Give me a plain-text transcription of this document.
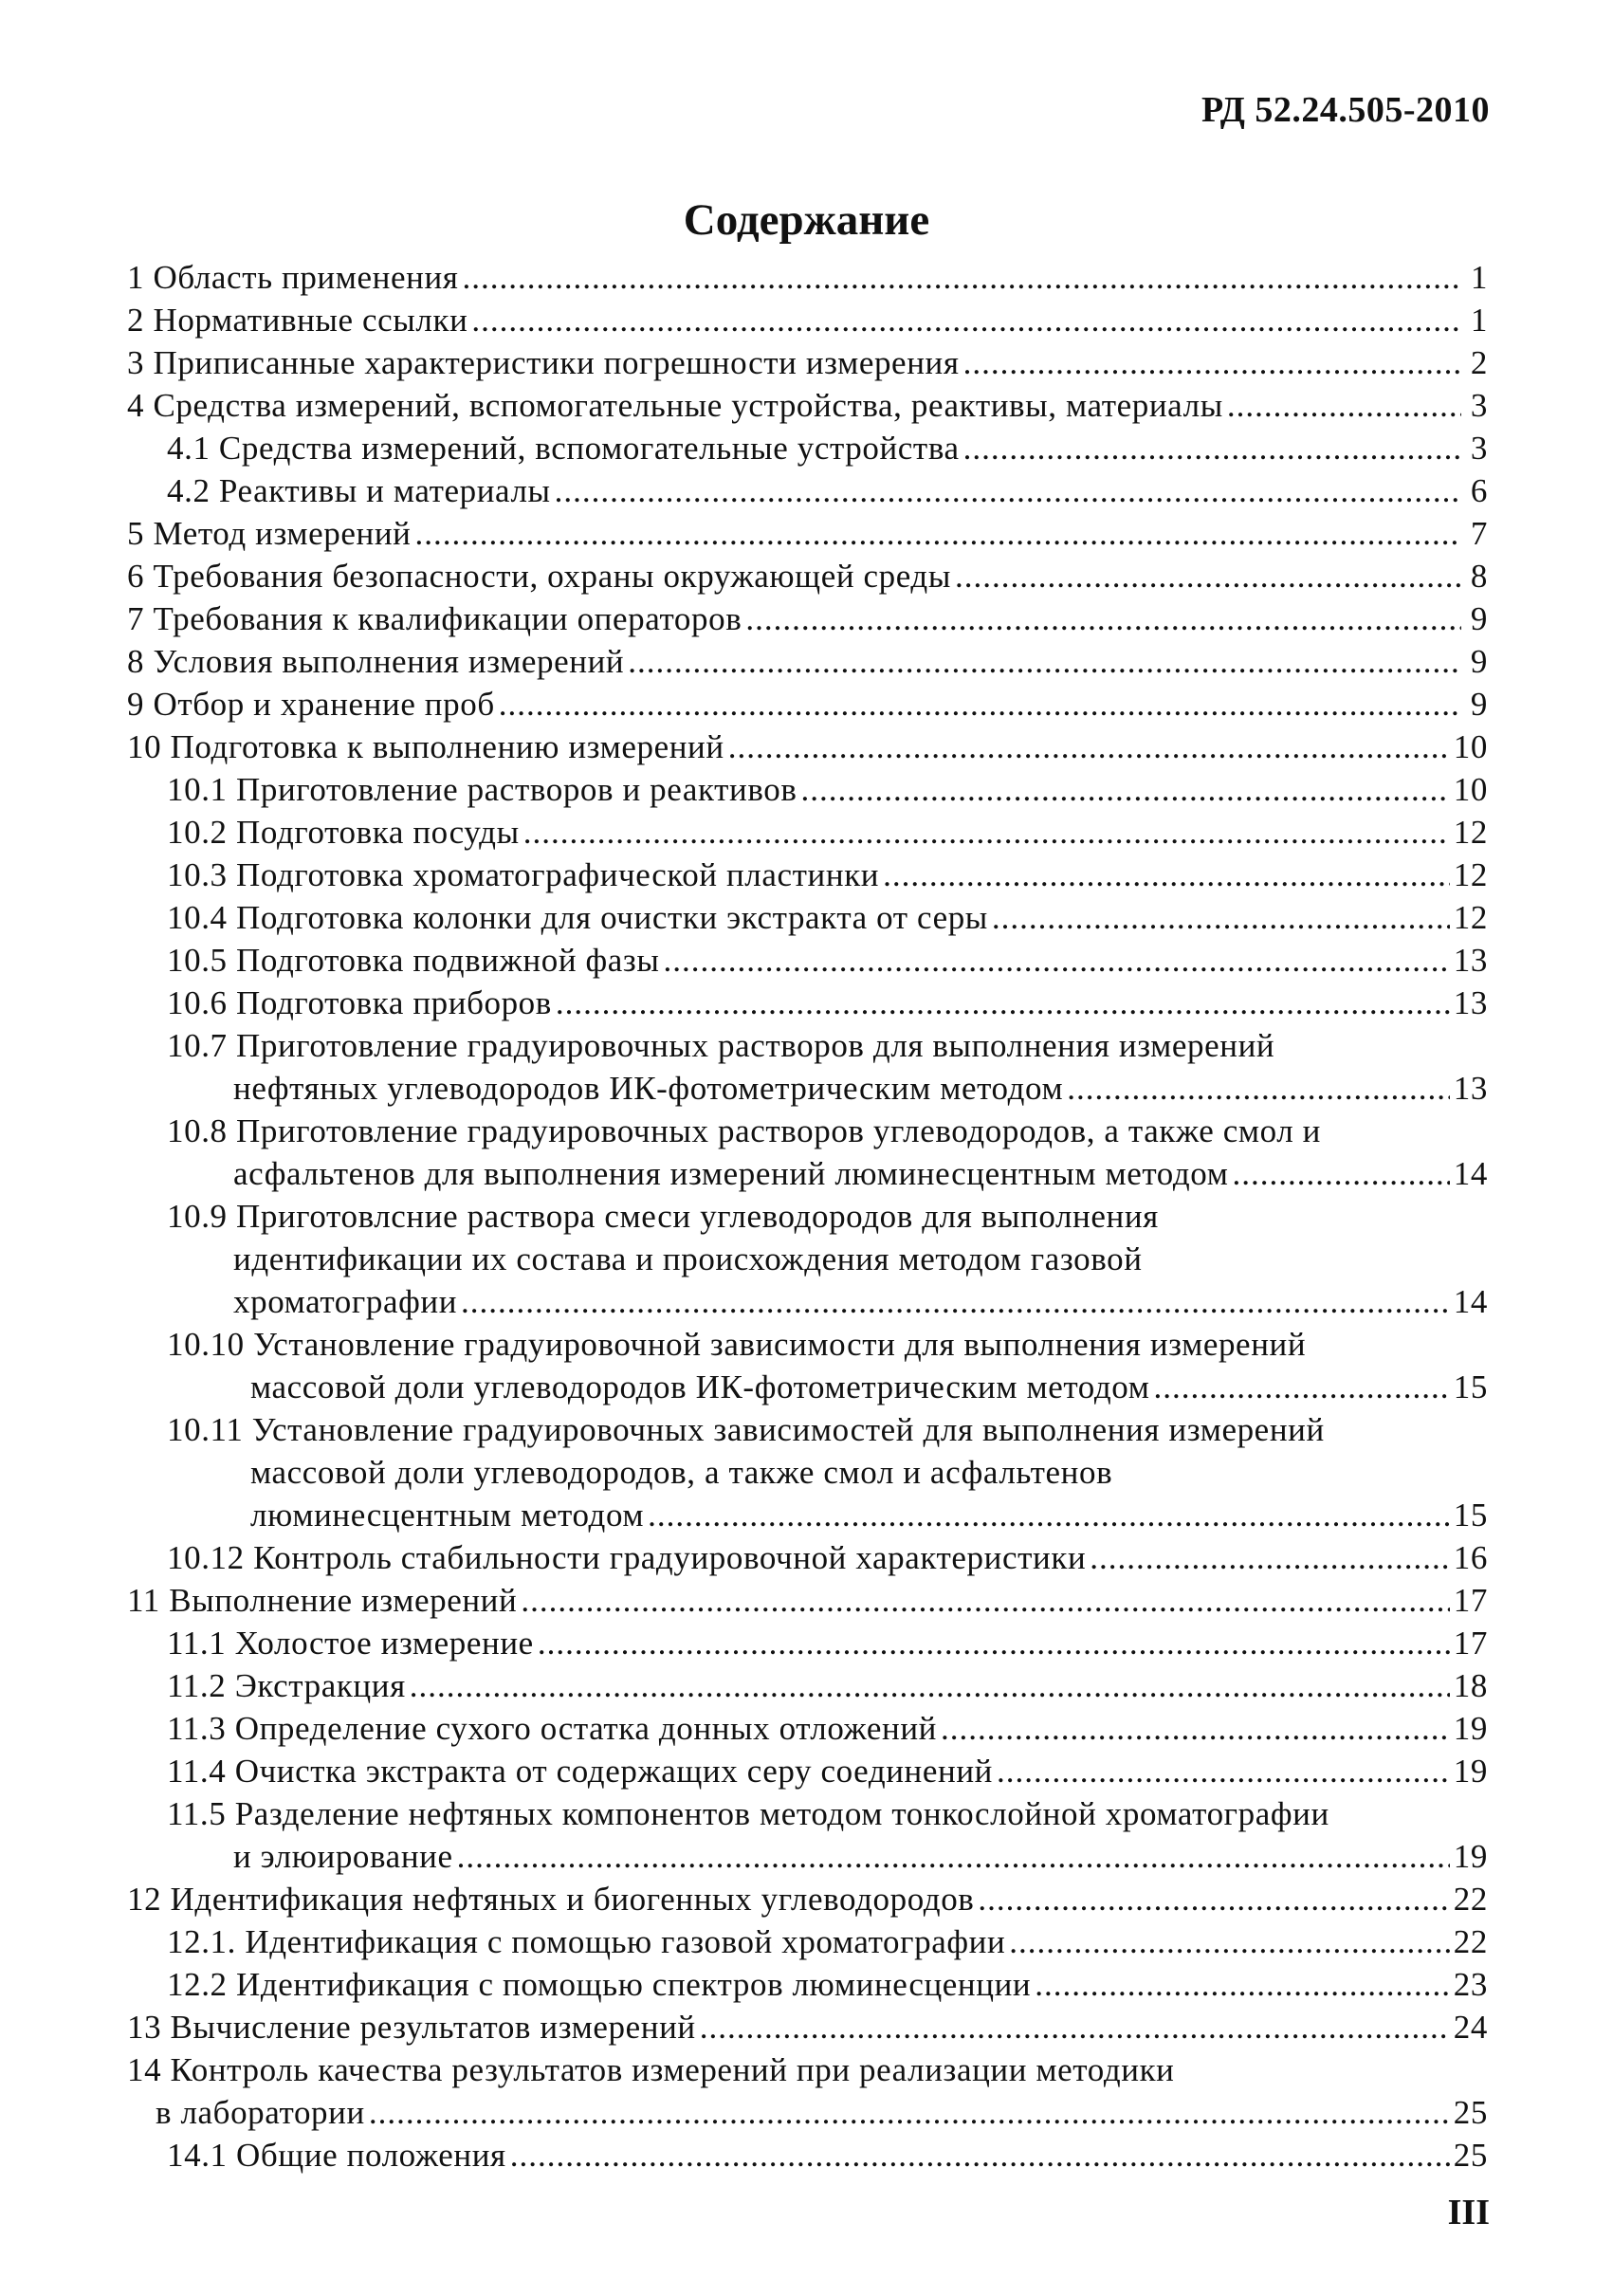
РД 52.24.505-2010
Содержание
1 Область применения .....	1
2 Нормативные ссылки .....	1
3 Приписанные характеристики погрешности измерения .....	2
4 Средства измерений, вспомогательные устройства, реактивы, материалы .....	3
4.1 Средства измерений, вспомогательные устройства .....	3
4.2 Реактивы и материалы .....	6
5 Метод измерений .....	7
6 Требования безопасности, охраны окружающей среды .....	8
7 Требования к квалификации операторов .....	9
8 Условия выполнения измерений .....	9
9 Отбор и хранение проб .....	9
10 Подготовка к выполнению измерений .....	10
10.1 Приготовление растворов и реактивов .....	10
10.2 Подготовка посуды .....	12
10.3 Подготовка хроматографической пластинки .....	12
10.4 Подготовка колонки для очистки экстракта от серы .....	12
10.5 Подготовка подвижной фазы .....	13
10.6 Подготовка приборов .....	13
10.7 Приготовление градуировочных растворов для выполнения измерений
нефтяных углеводородов ИК-фотометрическим методом .....	13
10.8 Приготовление градуировочных растворов углеводородов, а также смол и
асфальтенов для выполнения измерений люминесцентным методом .....	14
10.9 Приготовлсние раствора смеси углеводородов для выполнения
идентификации их состава и происхождения методом газовой
хроматографии .....	14
10.10 Установление градуировочной зависимости для выполнения измерений
массовой доли углеводородов ИК-фотометрическим методом .....	15
10.11 Установление градуировочных зависимостей для выполнения измерений
массовой доли углеводородов, а также смол и асфальтенов
люминесцентным методом .....	15
10.12 Контроль стабильности градуировочной характеристики .....	16
11 Выполнение измерений .....	17
11.1 Холостое измерение .....	17
11.2 Экстракция .....	18
11.3 Определение сухого остатка донных отложений .....	19
11.4 Очистка экстракта от содержащих серу соединений .....	19
11.5 Разделение нефтяных компонентов методом тонкослойной хроматографии
и элюирование .....	19
12 Идентификация нефтяных и биогенных углеводородов .....	22
12.1. Идентификация с помощью газовой хроматографии .....	22
12.2 Идентификация с помощью спектров люминесценции .....	23
13 Вычисление результатов измерений .....	24
14 Контроль качества результатов измерений при реализации методики
в лаборатории .....	25
14.1 Общие положения .....	25
III
